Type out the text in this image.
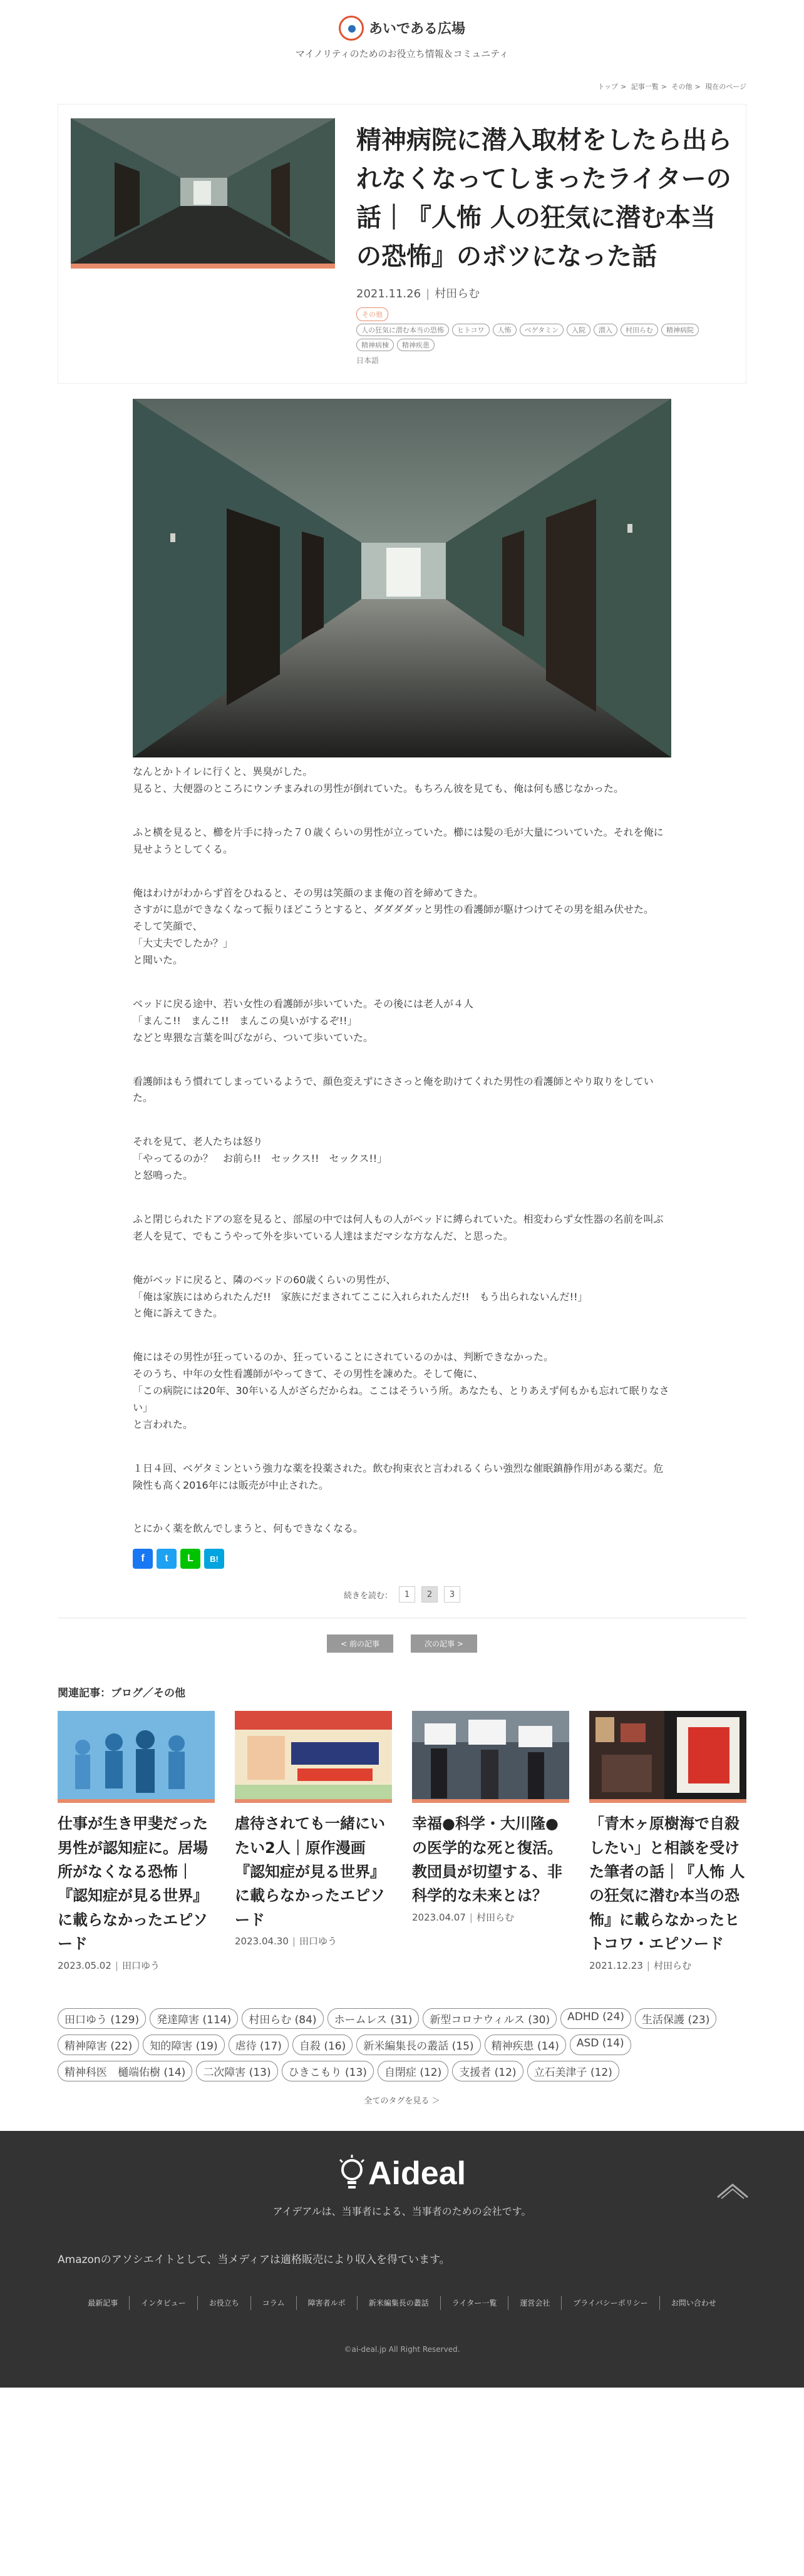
あいである広場
マイノリティのためのお役立ち情報＆コミュニティ
トップ > 記事一覧 > その他 > 現在のページ
精神病院に潜入取材をしたら出られなくなってしまったライターの話｜『人怖 人の狂気に潜む本当の恐怖』のボツになった話
2021.11.26 | 村田らむ
その他
人の狂気に潜む本当の恐怖	ヒトコワ	人怖	ベゲタミン	入院	潜入	村田らむ	精神病院
精神病棟	精神疾患
日本語

なんとかトイレに行くと、異臭がした。
見ると、大便器のところにウンチまみれの男性が倒れていた。もちろん彼を見ても、俺は何も感じなかった。

ふと横を見ると、櫛を片手に持った７０歳くらいの男性が立っていた。櫛には髪の毛が大量についていた。それを俺に見せようとしてくる。

俺はわけがわからず首をひねると、その男は笑顔のまま俺の首を締めてきた。
さすがに息ができなくなって振りほどこうとすると、ダダダダッと男性の看護師が駆けつけてその男を組み伏せた。
そして笑顔で、
「大丈夫でしたか？」
と聞いた。

ベッドに戻る途中、若い女性の看護師が歩いていた。その後には老人が４人
「まんこ!!　まんこ!!　まんこの臭いがするぞ!!」
などと卑猥な言葉を叫びながら、ついて歩いていた。

看護師はもう慣れてしまっているようで、顔色変えずにささっと俺を助けてくれた男性の看護師とやり取りをしていた。

それを見て、老人たちは怒り
「やってるのか？　お前ら!!　セックス!!　セックス!!」
と怒鳴った。

ふと閉じられたドアの窓を見ると、部屋の中では何人もの人がベッドに縛られていた。相変わらず女性器の名前を叫ぶ老人を見て、でもこうやって外を歩いている人達はまだマシな方なんだ、と思った。

俺がベッドに戻ると、隣のベッドの60歳くらいの男性が、
「俺は家族にはめられたんだ!!　家族にだまされてここに入れられたんだ!!　もう出られないんだ!!」
と俺に訴えてきた。

俺にはその男性が狂っているのか、狂っていることにされているのかは、判断できなかった。
そのうち、中年の女性看護師がやってきて、その男性を諫めた。そして俺に、
「この病院には20年、30年いる人がざらだからね。ここはそういう所。あなたも、とりあえず何もかも忘れて眠りなさい」
と言われた。

１日４回、ベゲタミンという強力な薬を投薬された。飲む拘束衣と言われるくらい強烈な催眠鎮静作用がある薬だ。危険性も高く2016年には販売が中止された。

とにかく薬を飲んでしまうと、何もできなくなる。

f	t	L	B!
続きを読む：	1	2	3
< 前の記事	次の記事 >
関連記事：ブログ／その他
仕事が生き甲斐だった男性が認知症に。居場所がなくなる恐怖｜『認知症が見る世界』に載らなかったエピソード
2023.05.02 | 田口ゆう
虐待されても一緒にいたい2人｜原作漫画『認知症が見る世界』に載らなかったエピソード
2023.04.30 | 田口ゆう
幸福●科学・大川隆●の医学的な死と復活。教団員が切望する、非科学的な未来とは？
2023.04.07 | 村田らむ
「青木ヶ原樹海で自殺したい」と相談を受けた筆者の話｜『人怖 人の狂気に潜む本当の恐怖』に載らなかったヒトコワ・エピソード
2021.12.23 | 村田らむ
田口ゆう (129)	発達障害 (114)	村田らむ (84)	ホームレス (31)	新型コロナウィルス (30)	ADHD (24)	生活保護 (23)
精神障害 (22)	知的障害 (19)	虐待 (17)	自殺 (16)	新米編集長の叢話 (15)	精神疾患 (14)	ASD (14)
精神科医　樋端佑樹 (14)	二次障害 (13)	ひきこもり (13)	自閉症 (12)	支援者 (12)	立石美津子 (12)
全てのタグを見る ＞
Aideal
アイデアルは、当事者による、当事者のための会社です。
Amazonのアソシエイトとして、当メディアは適格販売により収入を得ています。
最新記事	インタビュー	お役立ち	コラム	障害者ルポ	新米編集長の叢話	ライター一覧	運営会社	プライバシーポリシー	お問い合わせ
©ai-deal.jp All Right Reserved.
